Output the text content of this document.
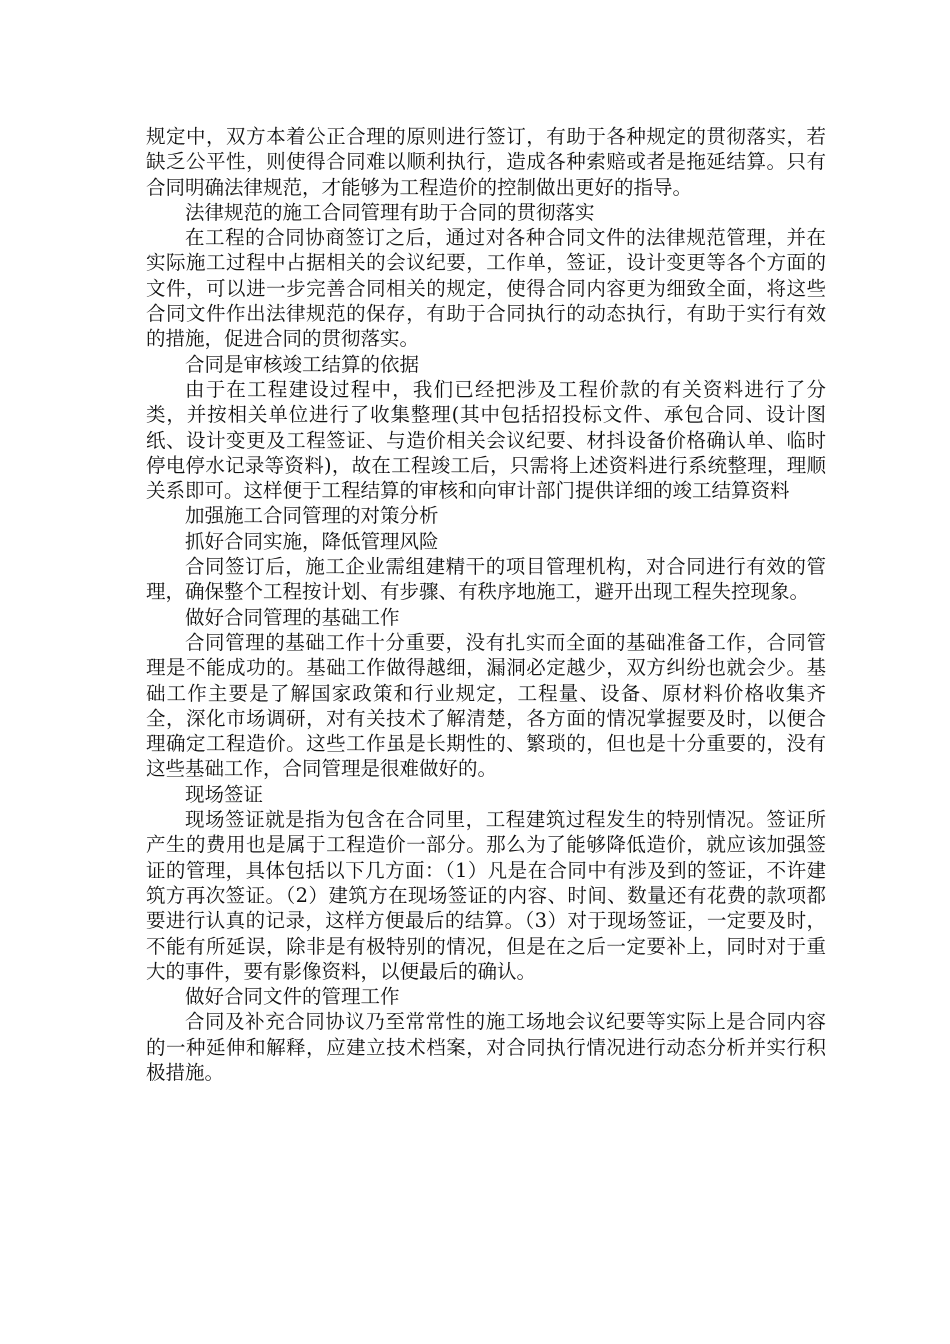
规定中，双方本着公正合理的原则进行签订，有助于各种规定的贯彻落实，若缺乏公平性，则使得合同难以顺利执行，造成各种索赔或者是拖延结算。只有合同明确法律规范，才能够为工程造价的控制做出更好的指导。

法律规范的施工合同管理有助于合同的贯彻落实

在工程的合同协商签订之后，通过对各种合同文件的法律规范管理，并在实际施工过程中占据相关的会议纪要，工作单，签证，设计变更等各个方面的文件，可以进一步完善合同相关的规定，使得合同内容更为细致全面，将这些合同文件作出法律规范的保存，有助于合同执行的动态执行，有助于实行有效的措施，促进合同的贯彻落实。

合同是审核竣工结算的依据

由于在工程建设过程中，我们已经把涉及工程价款的有关资料进行了分类，并按相关单位进行了收集整理(其中包括招投标文件、承包合同、设计图纸、设计变更及工程签证、与造价相关会议纪要、材抖设备价格确认单、临时停电停水记录等资料)，故在工程竣工后，只需将上述资料进行系统整理，理顺关系即可。这样便于工程结算的审核和向审计部门提供详细的竣工结算资料

加强施工合同管理的对策分析

抓好合同实施，降低管理风险

合同签订后，施工企业需组建精干的项目管理机构，对合同进行有效的管理，确保整个工程按计划、有步骤、有秩序地施工，避开出现工程失控现象。

做好合同管理的基础工作

合同管理的基础工作十分重要，没有扎实而全面的基础准备工作，合同管理是不能成功的。基础工作做得越细，漏洞必定越少，双方纠纷也就会少。基础工作主要是了解国家政策和行业规定，工程量、设备、原材料价格收集齐全，深化市场调研，对有关技术了解清楚，各方面的情况掌握要及时，以便合理确定工程造价。这些工作虽是长期性的、繁琐的，但也是十分重要的，没有这些基础工作，合同管理是很难做好的。

现场签证

现场签证就是指为包含在合同里，工程建筑过程发生的特别情况。签证所产生的费用也是属于工程造价一部分。那么为了能够降低造价，就应该加强签证的管理，具体包括以下几方面：（1）凡是在合同中有涉及到的签证，不许建筑方再次签证。（2）建筑方在现场签证的内容、时间、数量还有花费的款项都要进行认真的记录，这样方便最后的结算。（3）对于现场签证，一定要及时，不能有所延误，除非是有极特别的情况，但是在之后一定要补上，同时对于重大的事件，要有影像资料，以便最后的确认。

做好合同文件的管理工作

合同及补充合同协议乃至常常性的施工场地会议纪要等实际上是合同内容的一种延伸和解释，应建立技术档案，对合同执行情况进行动态分析并实行积极措施。
